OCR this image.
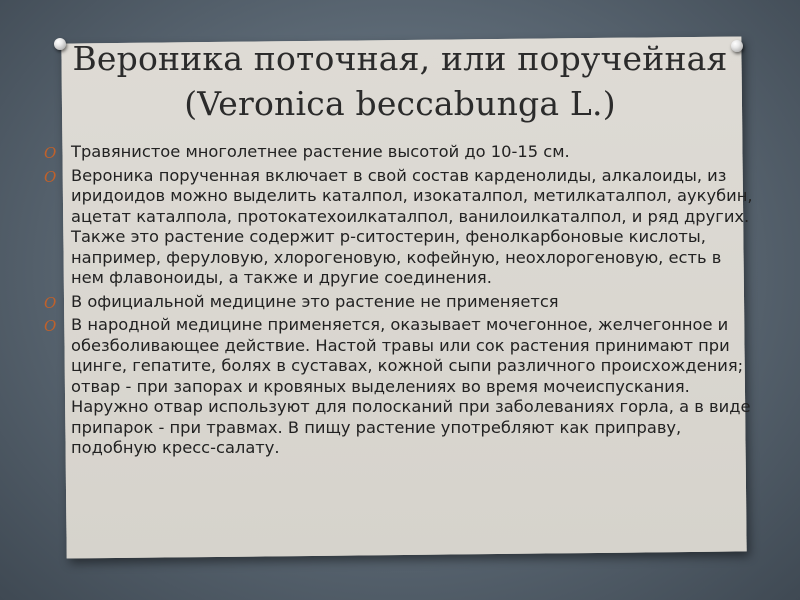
Вероника поточная, или поручейная
(Veronica beccabunga L.)
O Травянистое многолетнее растение высотой до 10-15 см.
O Вероника порученная включает в свой состав карденолиды, алкалоиды, из иридоидов можно выделить каталпол, изокаталпол, метилкаталпол, аукубин, ацетат каталпола, протокатехоилкаталпол, ванилоилкаталпол, и ряд других. Также это растение содержит p-ситостерин, фенолкарбоновые кислоты, например, феруловую, хлорогеновую, кофейную, неохлорогеновую, есть в нем флавоноиды, а также и другие соединения.
O В официальной медицине это растение не применяется
O В народной медицине применяется, оказывает мочегонное, желчегонное и обезболивающее действие. Настой травы или сок растения принимают при цинге, гепатите, болях в суставах, кожной сыпи различного происхождения; отвар - при запорах и кровяных выделениях во время мочеиспускания. Наружно отвар используют для полосканий при заболеваниях горла, а в виде припарок - при травмах. В пищу растение употребляют как приправу, подобную кресс-салату.
